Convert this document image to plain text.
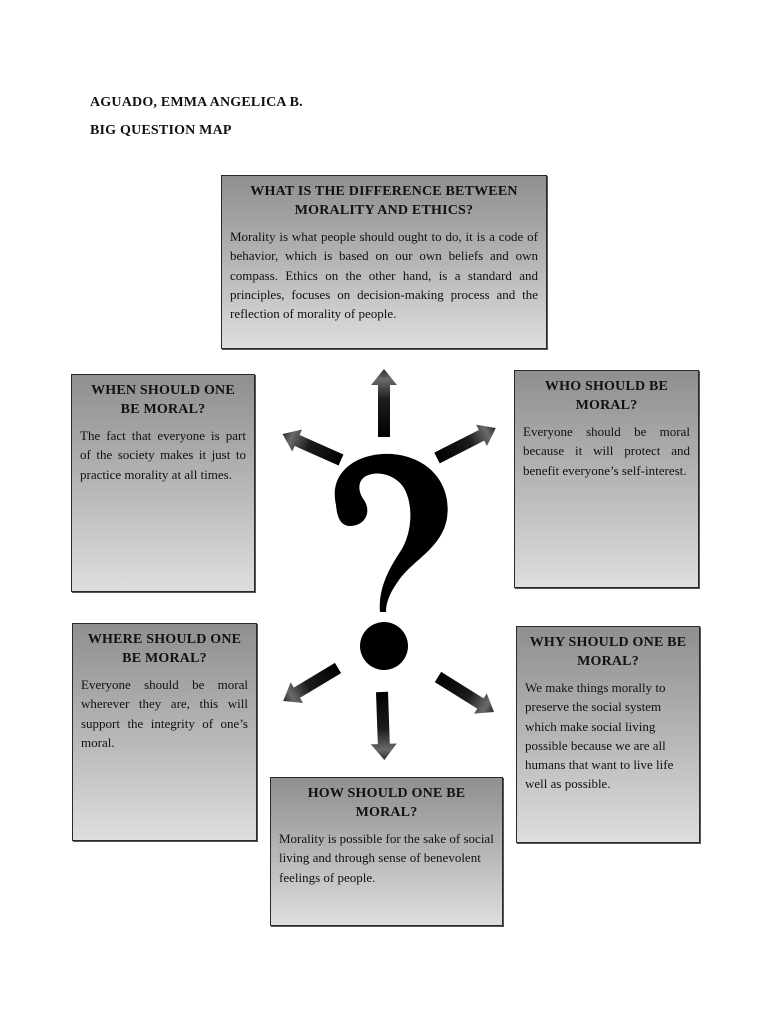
AGUADO, EMMA ANGELICA B.
BIG QUESTION MAP
WHAT IS THE DIFFERENCE BETWEEN MORALITY AND ETHICS?
Morality is what people should ought to do, it is a code of behavior, which is based on our own beliefs and own compass. Ethics on the other hand, is a standard and principles, focuses on decision-making process and the reflection of morality of people.
WHEN SHOULD ONE BE MORAL?
The fact that everyone is part of the society makes it just to practice morality at all times.
WHO SHOULD BE MORAL?
Everyone should be moral because it will protect and benefit everyone’s self-interest.
WHERE SHOULD ONE BE MORAL?
Everyone should be moral wherever they are, this will support the integrity of one’s moral.
WHY SHOULD ONE BE MORAL?
We make things morally to preserve the social system which make social living possible because we are all humans that want to live life well as possible.
HOW SHOULD ONE BE MORAL?
Morality is possible for the sake of social living and through sense of benevolent feelings of people.
